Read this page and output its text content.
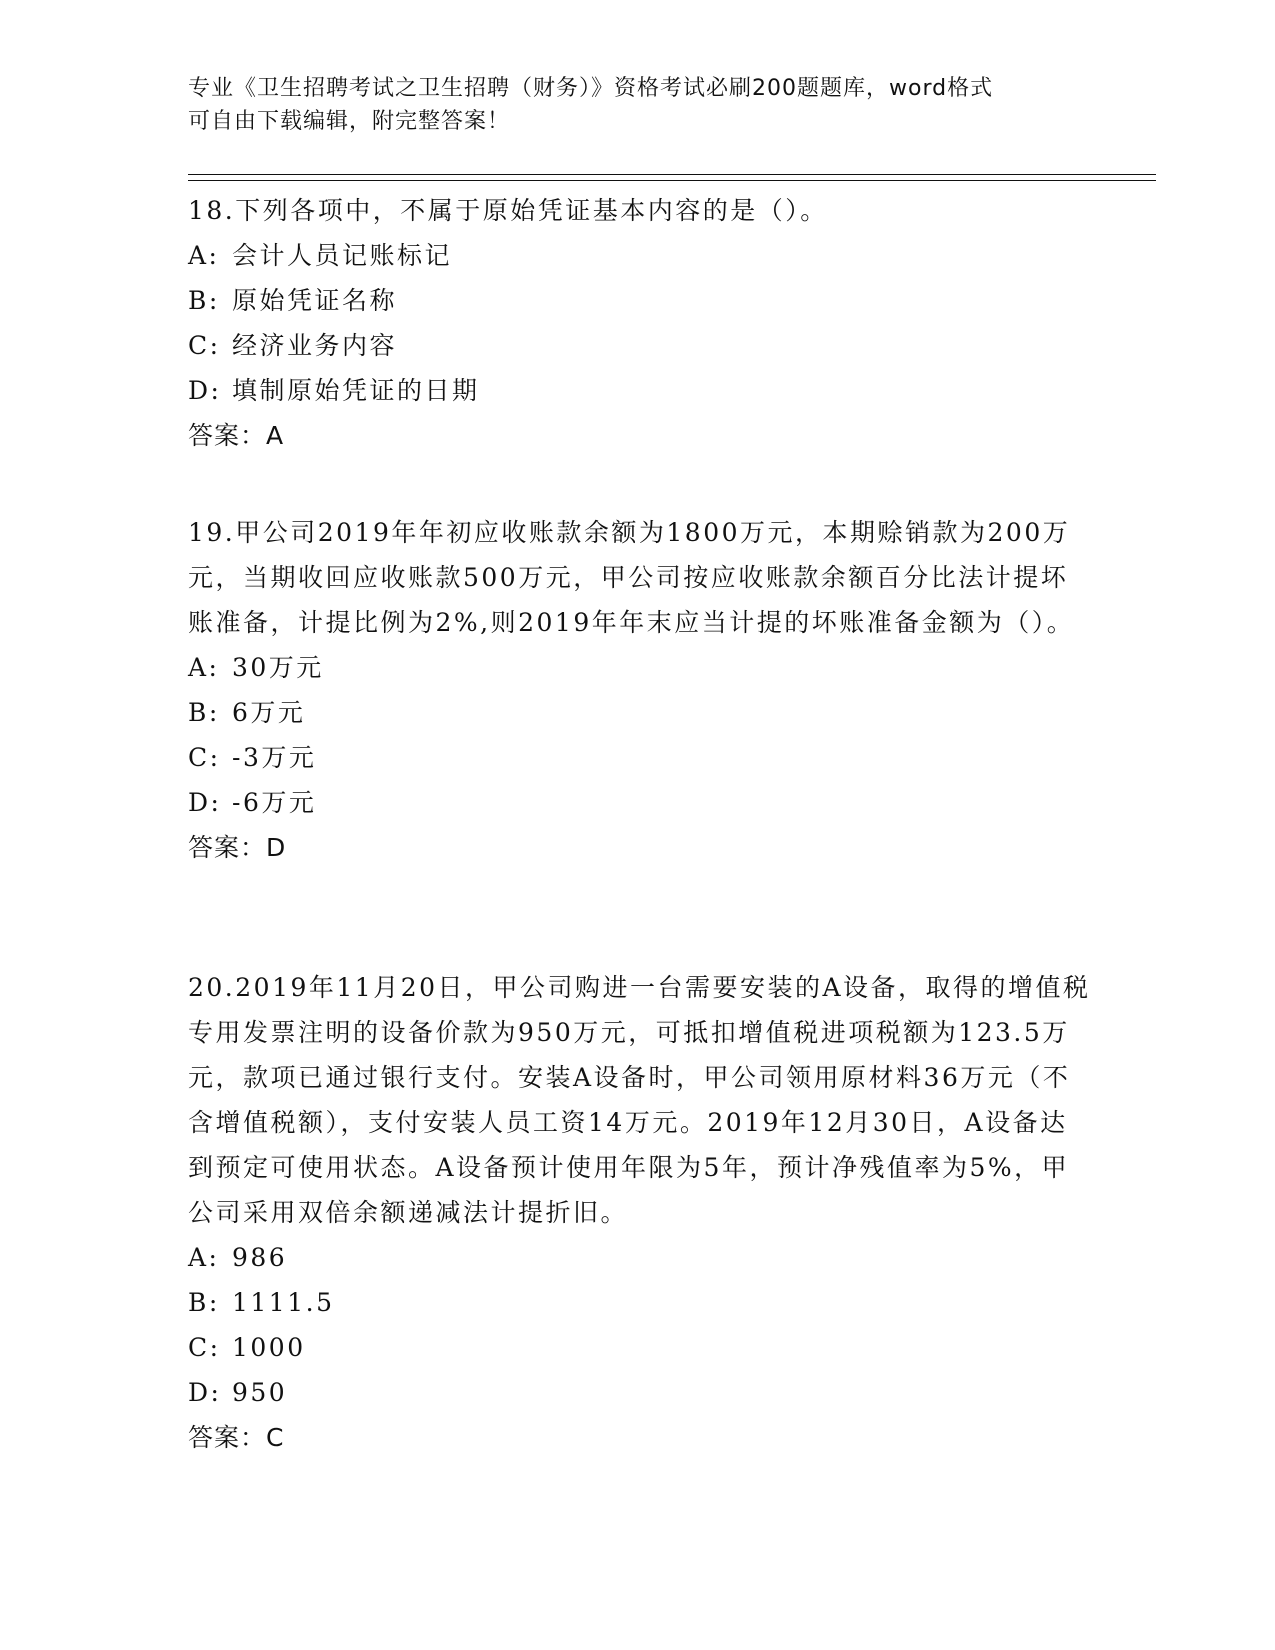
专业《卫生招聘考试之卫生招聘（财务）》资格考试必刷200题题库，word格式
可自由下载编辑，附完整答案！

18.下列各项中，不属于原始凭证基本内容的是（）。

A: 会计人员记账标记
B: 原始凭证名称
C: 经济业务内容
D: 填制原始凭证的日期
答案：A

19.甲公司2019年年初应收账款余额为1800万元，本期赊销款为200万元，当期收回应收账款500万元，甲公司按应收账款余额百分比法计提坏账准备，计提比例为2%,则2019年年末应当计提的坏账准备金额为（）。

A: 30万元
B: 6万元
C: -3万元
D: -6万元
答案：D

20.2019年11月20日，甲公司购进一台需要安装的A设备，取得的增值税专用发票注明的设备价款为950万元，可抵扣增值税进项税额为123.5万元，款项已通过银行支付。安装A设备时，甲公司领用原材料36万元（不含增值税额），支付安装人员工资14万元。2019年12月30日，A设备达到预定可使用状态。A设备预计使用年限为5年，预计净残值率为5%，甲公司采用双倍余额递减法计提折旧。

A: 986
B: 1111.5
C: 1000
D: 950
答案：C
